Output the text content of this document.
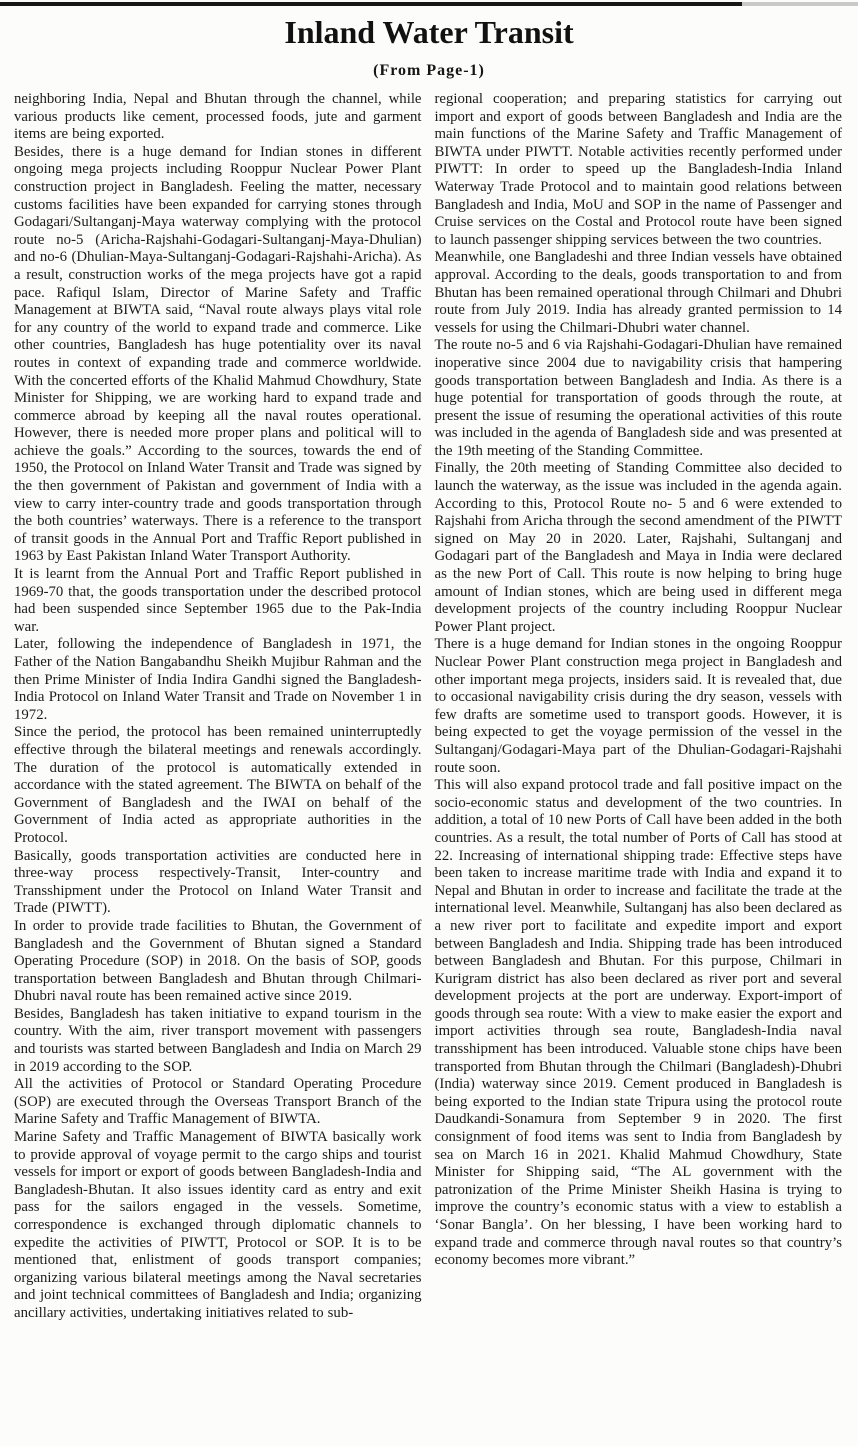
Inland Water Transit
(From Page-1)

neighboring India, Nepal and Bhutan through the channel, while various products like cement, processed foods, jute and garment items are being exported.

Besides, there is a huge demand for Indian stones in different ongoing mega projects including Rooppur Nuclear Power Plant construction project in Bangladesh. Feeling the matter, necessary customs facilities have been expanded for carrying stones through Godagari/Sultanganj-Maya waterway complying with the protocol route no-5 (Aricha-Rajshahi-Godagari-Sultanganj-Maya-Dhulian) and no-6 (Dhulian-Maya-Sultanganj-Godagari-Rajshahi-Aricha). As a result, construction works of the mega projects have got a rapid pace. Rafiqul Islam, Director of Marine Safety and Traffic Management at BIWTA said, “Naval route always plays vital role for any country of the world to expand trade and commerce. Like other countries, Bangladesh has huge potentiality over its naval routes in context of expanding trade and commerce worldwide. With the concerted efforts of the Khalid Mahmud Chowdhury, State Minister for Shipping, we are working hard to expand trade and commerce abroad by keeping all the naval routes operational. However, there is needed more proper plans and political will to achieve the goals.” According to the sources, towards the end of 1950, the Protocol on Inland Water Transit and Trade was signed by the then government of Pakistan and government of India with a view to carry inter-country trade and goods transportation through the both countries’ waterways. There is a reference to the transport of transit goods in the Annual Port and Traffic Report published in 1963 by East Pakistan Inland Water Transport Authority.

It is learnt from the Annual Port and Traffic Report published in 1969-70 that, the goods transportation under the described protocol had been suspended since September 1965 due to the Pak-India war.

Later, following the independence of Bangladesh in 1971, the Father of the Nation Bangabandhu Sheikh Mujibur Rahman and the then Prime Minister of India Indira Gandhi signed the Bangladesh-India Protocol on Inland Water Transit and Trade on November 1 in 1972.

Since the period, the protocol has been remained uninterruptedly effective through the bilateral meetings and renewals accordingly. The duration of the protocol is automatically extended in accordance with the stated agreement. The BIWTA on behalf of the Government of Bangladesh and the IWAI on behalf of the Government of India acted as appropriate authorities in the Protocol.

Basically, goods transportation activities are conducted here in three-way process respectively-Transit, Inter-country and Transshipment under the Protocol on Inland Water Transit and Trade (PIWTT).

In order to provide trade facilities to Bhutan, the Government of Bangladesh and the Government of Bhutan signed a Standard Operating Procedure (SOP) in 2018. On the basis of SOP, goods transportation between Bangladesh and Bhutan through Chilmari-Dhubri naval route has been remained active since 2019.

Besides, Bangladesh has taken initiative to expand tourism in the country. With the aim, river transport movement with passengers and tourists was started between Bangladesh and India on March 29 in 2019 according to the SOP.

All the activities of Protocol or Standard Operating Procedure (SOP) are executed through the Overseas Transport Branch of the Marine Safety and Traffic Management of BIWTA.

Marine Safety and Traffic Management of BIWTA basically work to provide approval of voyage permit to the cargo ships and tourist vessels for import or export of goods between Bangladesh-India and Bangladesh-Bhutan. It also issues identity card as entry and exit pass for the sailors engaged in the vessels. Sometime, correspondence is exchanged through diplomatic channels to expedite the activities of PIWTT, Protocol or SOP. It is to be mentioned that, enlistment of goods transport companies; organizing various bilateral meetings among the Naval secretaries and joint technical committees of Bangladesh and India; organizing ancillary activities, undertaking initiatives related to sub-

regional cooperation; and preparing statistics for carrying out import and export of goods between Bangladesh and India are the main functions of the Marine Safety and Traffic Management of BIWTA under PIWTT. Notable activities recently performed under PIWTT: In order to speed up the Bangladesh-India Inland Waterway Trade Protocol and to maintain good relations between Bangladesh and India, MoU and SOP in the name of Passenger and Cruise services on the Costal and Protocol route have been signed to launch passenger shipping services between the two countries.

Meanwhile, one Bangladeshi and three Indian vessels have obtained approval. According to the deals, goods transportation to and from Bhutan has been remained operational through Chilmari and Dhubri route from July 2019. India has already granted permission to 14 vessels for using the Chilmari-Dhubri water channel.

The route no-5 and 6 via Rajshahi-Godagari-Dhulian have remained inoperative since 2004 due to navigability crisis that hampering goods transportation between Bangladesh and India. As there is a huge potential for transportation of goods through the route, at present the issue of resuming the operational activities of this route was included in the agenda of Bangladesh side and was presented at the 19th meeting of the Standing Committee.

Finally, the 20th meeting of Standing Committee also decided to launch the waterway, as the issue was included in the agenda again. According to this, Protocol Route no- 5 and 6 were extended to Rajshahi from Aricha through the second amendment of the PIWTT signed on May 20 in 2020. Later, Rajshahi, Sultanganj and Godagari part of the Bangladesh and Maya in India were declared as the new Port of Call. This route is now helping to bring huge amount of Indian stones, which are being used in different mega development projects of the country including Rooppur Nuclear Power Plant project.

There is a huge demand for Indian stones in the ongoing Rooppur Nuclear Power Plant construction mega project in Bangladesh and other important mega projects, insiders said. It is revealed that, due to occasional navigability crisis during the dry season, vessels with few drafts are sometime used to transport goods. However, it is being expected to get the voyage permission of the vessel in the Sultanganj/Godagari-Maya part of the Dhulian-Godagari-Rajshahi route soon.

This will also expand protocol trade and fall positive impact on the socio-economic status and development of the two countries. In addition, a total of 10 new Ports of Call have been added in the both countries. As a result, the total number of Ports of Call has stood at 22. Increasing of international shipping trade: Effective steps have been taken to increase maritime trade with India and expand it to Nepal and Bhutan in order to increase and facilitate the trade at the international level. Meanwhile, Sultanganj has also been declared as a new river port to facilitate and expedite import and export between Bangladesh and India. Shipping trade has been introduced between Bangladesh and Bhutan. For this purpose, Chilmari in Kurigram district has also been declared as river port and several development projects at the port are underway. Export-import of goods through sea route: With a view to make easier the export and import activities through sea route, Bangladesh-India naval transshipment has been introduced. Valuable stone chips have been transported from Bhutan through the Chilmari (Bangladesh)-Dhubri (India) waterway since 2019. Cement produced in Bangladesh is being exported to the Indian state Tripura using the protocol route Daudkandi-Sonamura from September 9 in 2020. The first consignment of food items was sent to India from Bangladesh by sea on March 16 in 2021. Khalid Mahmud Chowdhury, State Minister for Shipping said, “The AL government with the patronization of the Prime Minister Sheikh Hasina is trying to improve the country’s economic status with a view to establish a ‘Sonar Bangla’. On her blessing, I have been working hard to expand trade and commerce through naval routes so that country’s economy becomes more vibrant.”
